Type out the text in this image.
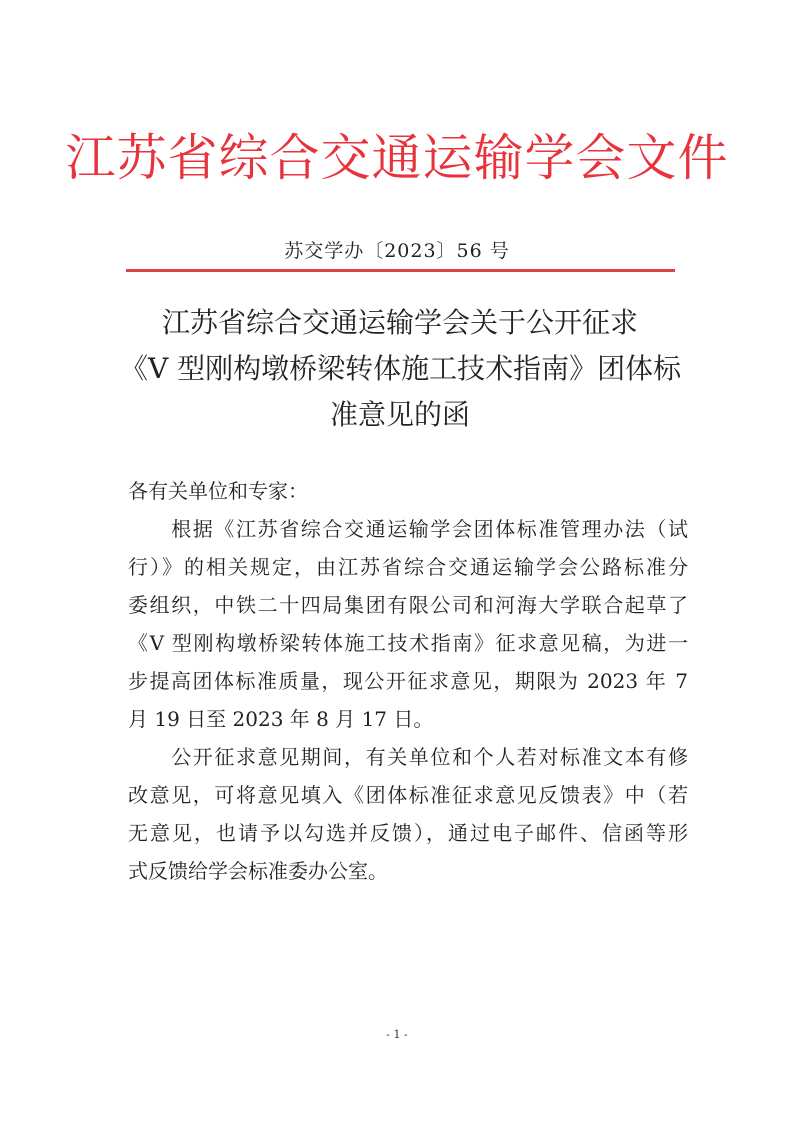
江苏省综合交通运输学会文件
苏交学办〔2023〕56 号
江苏省综合交通运输学会关于公开征求
《V 型刚构墩桥梁转体施工技术指南》团体标
准意见的函
各有关单位和专家：
　　根据《江苏省综合交通运输学会团体标准管理办法（试
行）》的相关规定，由江苏省综合交通运输学会公路标准分
委组织，中铁二十四局集团有限公司和河海大学联合起草了
《V 型刚构墩桥梁转体施工技术指南》征求意见稿，为进一
步提高团体标准质量，现公开征求意见，期限为 2023 年 7
月 19 日至 2023 年 8 月 17 日。
　　公开征求意见期间，有关单位和个人若对标准文本有修
改意见，可将意见填入《团体标准征求意见反馈表》中（若
无意见，也请予以勾选并反馈），通过电子邮件、信函等形
式反馈给学会标准委办公室。
- 1 -
